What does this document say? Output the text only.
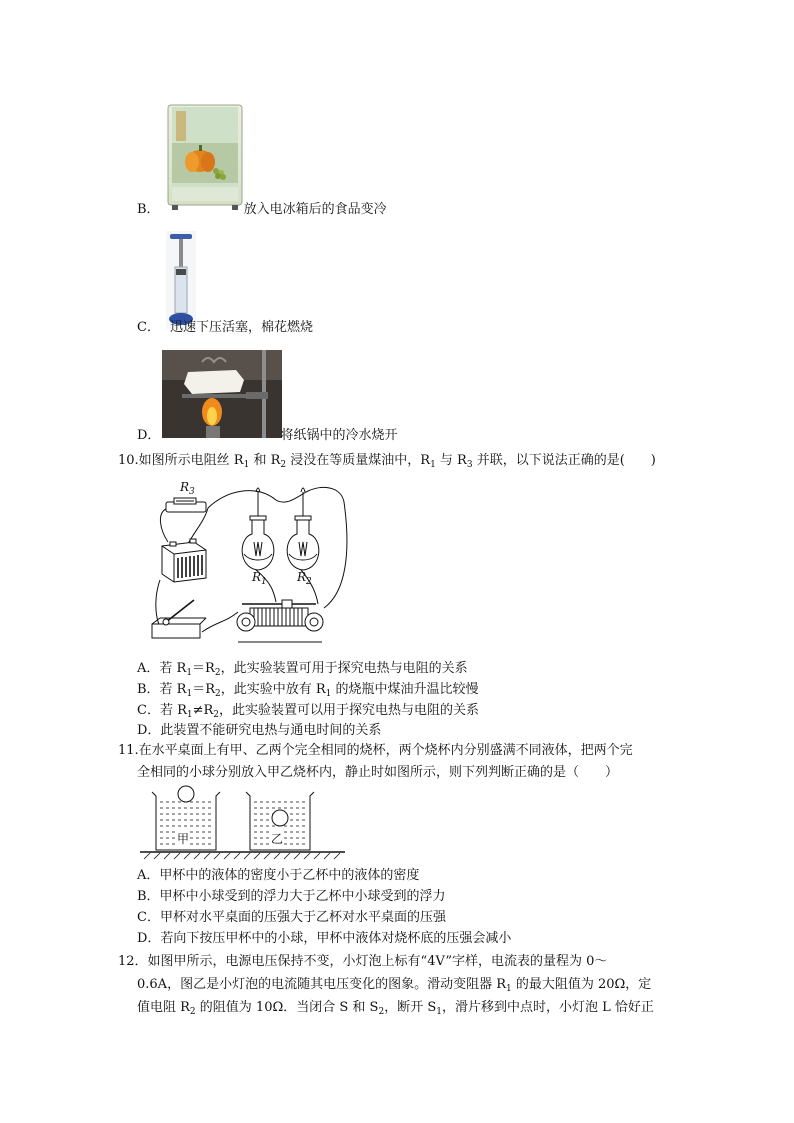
B．	放入电冰箱后的食品变冷
C． 迅速下压活塞，棉花燃烧
D．	将纸锅中的冷水烧开
10.如图所示电阻丝 $R_1$ 和 $R_2$ 浸没在等质量煤油中，$R_1$ 与 $R_3$ 并联，以下说法正确的是(　　)
$R_3$
$R_1$	$R_2$
A．若 $R_1=R_2$，此实验装置可用于探究电热与电阻的关系
B．若 $R_1=R_2$，此实验中放有 $R_1$ 的烧瓶中煤油升温比较慢
C．若 $R_1\ne R_2$，此实验装置可以用于探究电热与电阻的关系
D．此装置不能研究电热与通电时间的关系
11.在水平桌面上有甲、乙两个完全相同的烧杯，两个烧杯内分别盛满不同液体，把两个完
全相同的小球分别放入甲乙烧杯内，静止时如图所示，则下列判断正确的是（　　）
甲	乙
A．甲杯中的液体的密度小于乙杯中的液体的密度
B．甲杯中小球受到的浮力大于乙杯中小球受到的浮力
C．甲杯对水平桌面的压强大于乙杯对水平桌面的压强
D．若向下按压甲杯中的小球，甲杯中液体对烧杯底的压强会减小
12．如图甲所示，电源电压保持不变，小灯泡上标有“4V”字样，电流表的量程为 0～
0.6A，图乙是小灯泡的电流随其电压变化的图象。滑动变阻器 $R_1$ 的最大阻值为 20Ω，定
值电阻 $R_2$ 的阻值为 10Ω．当闭合 S 和 $S_2$，断开 $S_1$，滑片移到中点时，小灯泡 L 恰好正
